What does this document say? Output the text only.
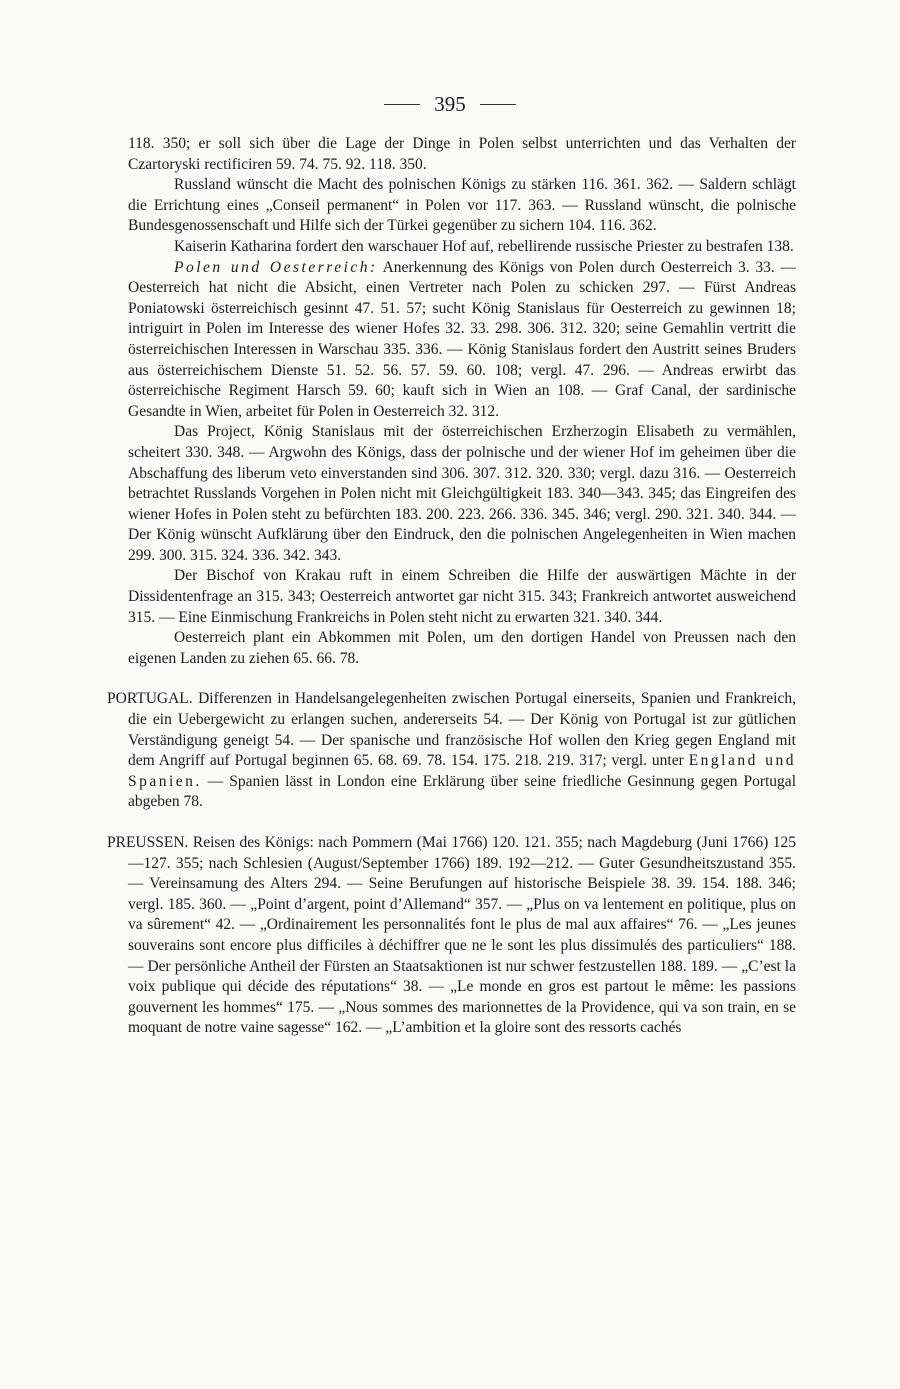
395

118. 350; er soll sich über die Lage der Dinge in Polen selbst unterrichten und das Verhalten der Czartoryski rectificiren 59. 74. 75. 92. 118. 350.

Russland wünscht die Macht des polnischen Königs zu stärken 116. 361. 362. — Saldern schlägt die Errichtung eines „Conseil permanent“ in Polen vor 117. 363. — Russland wünscht, die polnische Bundesgenossenschaft und Hilfe sich der Türkei gegenüber zu sichern 104. 116. 362.

Kaiserin Katharina fordert den warschauer Hof auf, rebellirende russische Priester zu bestrafen 138.

Polen und Oesterreich: Anerkennung des Königs von Polen durch Oesterreich 3. 33. — Oesterreich hat nicht die Absicht, einen Vertreter nach Polen zu schicken 297. — Fürst Andreas Poniatowski österreichisch gesinnt 47. 51. 57; sucht König Stanislaus für Oesterreich zu gewinnen 18; intriguirt in Polen im Interesse des wiener Hofes 32. 33. 298. 306. 312. 320; seine Gemahlin vertritt die österreichischen Interessen in Warschau 335. 336. — König Stanislaus fordert den Austritt seines Bruders aus österreichischem Dienste 51. 52. 56. 57. 59. 60. 108; vergl. 47. 296. — Andreas erwirbt das österreichische Regiment Harsch 59. 60; kauft sich in Wien an 108. — Graf Canal, der sardinische Gesandte in Wien, arbeitet für Polen in Oesterreich 32. 312.

Das Project, König Stanislaus mit der österreichischen Erzherzogin Elisabeth zu vermählen, scheitert 330. 348. — Argwohn des Königs, dass der polnische und der wiener Hof im geheimen über die Abschaffung des liberum veto einverstanden sind 306. 307. 312. 320. 330; vergl. dazu 316. — Oesterreich betrachtet Russlands Vorgehen in Polen nicht mit Gleichgültigkeit 183. 340—343. 345; das Eingreifen des wiener Hofes in Polen steht zu befürchten 183. 200. 223. 266. 336. 345. 346; vergl. 290. 321. 340. 344. — Der König wünscht Aufklärung über den Eindruck, den die polnischen Angelegenheiten in Wien machen 299. 300. 315. 324. 336. 342. 343.

Der Bischof von Krakau ruft in einem Schreiben die Hilfe der auswärtigen Mächte in der Dissidentenfrage an 315. 343; Oesterreich antwortet gar nicht 315. 343; Frankreich antwortet ausweichend 315. — Eine Einmischung Frankreichs in Polen steht nicht zu erwarten 321. 340. 344.

Oesterreich plant ein Abkommen mit Polen, um den dortigen Handel von Preussen nach den eigenen Landen zu ziehen 65. 66. 78.

PORTUGAL. Differenzen in Handelsangelegenheiten zwischen Portugal einerseits, Spanien und Frankreich, die ein Uebergewicht zu erlangen suchen, andererseits 54. — Der König von Portugal ist zur gütlichen Verständigung geneigt 54. — Der spanische und französische Hof wollen den Krieg gegen England mit dem Angriff auf Portugal beginnen 65. 68. 69. 78. 154. 175. 218. 219. 317; vergl. unter England und Spanien. — Spanien lässt in London eine Erklärung über seine friedliche Gesinnung gegen Portugal abgeben 78.

PREUSSEN. Reisen des Königs: nach Pommern (Mai 1766) 120. 121. 355; nach Magdeburg (Juni 1766) 125—127. 355; nach Schlesien (August/September 1766) 189. 192—212. — Guter Gesundheitszustand 355. — Vereinsamung des Alters 294. — Seine Berufungen auf historische Beispiele 38. 39. 154. 188. 346; vergl. 185. 360. — „Point d’argent, point d’Allemand“ 357. — „Plus on va lentement en politique, plus on va sûrement“ 42. — „Ordinairement les personnalités font le plus de mal aux affaires“ 76. — „Les jeunes souverains sont encore plus difficiles à déchiffrer que ne le sont les plus dissimulés des particuliers“ 188. — Der persönliche Antheil der Fürsten an Staatsaktionen ist nur schwer festzustellen 188. 189. — „C’est la voix publique qui décide des réputations“ 38. — „Le monde en gros est partout le même: les passions gouvernent les hommes“ 175. — „Nous sommes des marionnettes de la Providence, qui va son train, en se moquant de notre vaine sagesse“ 162. — „L’ambition et la gloire sont des ressorts cachés
